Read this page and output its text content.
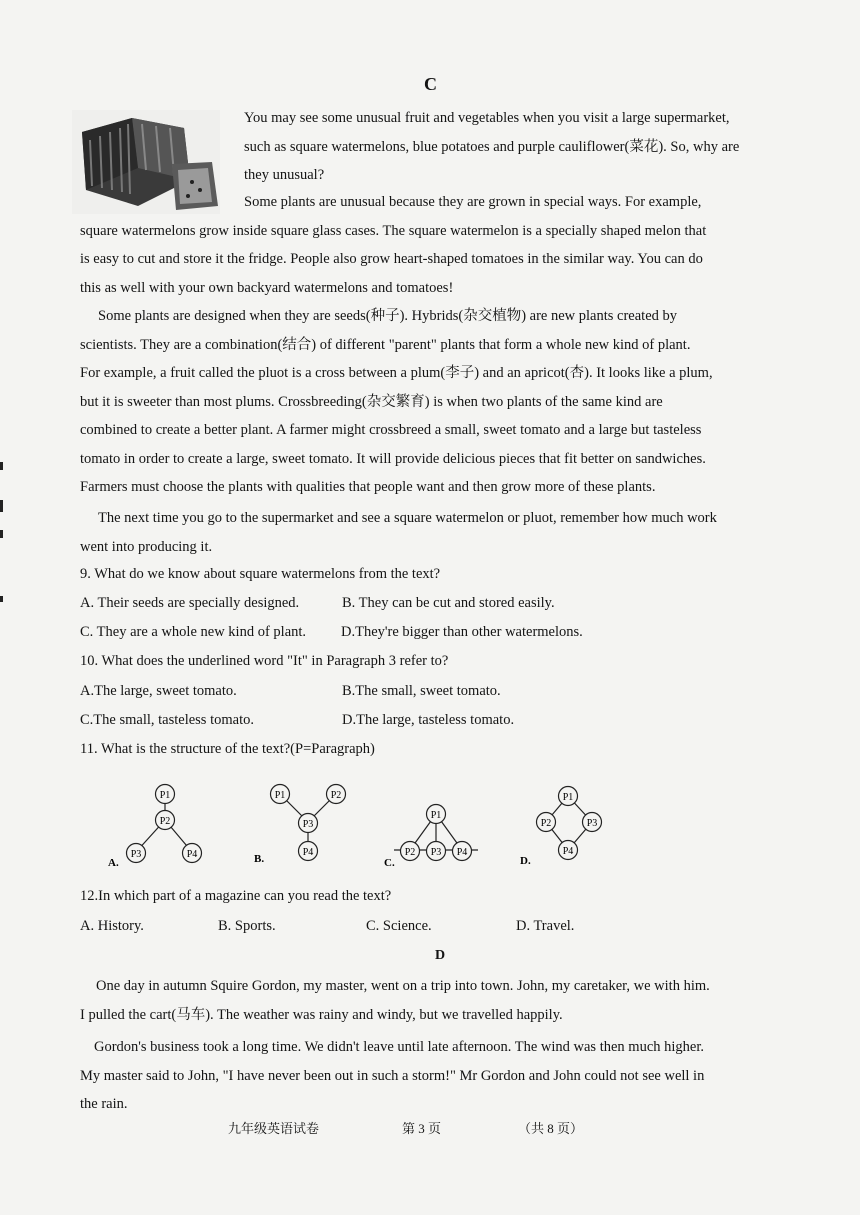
C
You may see some unusual fruit and vegetables when you visit a large supermarket,
such as square watermelons, blue potatoes and purple cauliflower(菜花). So, why are
they unusual?
Some plants are unusual because they are grown in special ways. For example,
square watermelons grow inside square glass cases. The square watermelon is a specially shaped melon that
is easy to cut and store it the fridge. People also grow heart-shaped tomatoes in the similar way. You can do
this as well with your own backyard watermelons and tomatoes!
Some plants are designed when they are seeds(种子). Hybrids(杂交植物) are new plants created by
scientists. They are a combination(结合) of different "parent" plants that form a whole new kind of plant.
For example, a fruit called the pluot is a cross between a plum(李子) and an apricot(杏). It looks like a plum,
but it is sweeter than most plums. Crossbreeding(杂交繁育) is when two plants of the same kind are
combined to create a better plant. A farmer might crossbreed a small, sweet tomato and a large but tasteless
tomato in order to create a large, sweet tomato. It will provide delicious pieces that fit better on sandwiches.
Farmers must choose the plants with qualities that people want and then grow more of these plants.
The next time you go to the supermarket and see a square watermelon or pluot, remember how much work
went into producing it.
9. What do we know about square watermelons from the text?
A. Their seeds are specially designed.	B. They can be cut and stored easily.
C. They are a whole new kind of plant. D.They're bigger than other watermelons.
10. What does the underlined word "It" in Paragraph 3 refer to?
A.The large, sweet tomato.	B.The small, sweet tomato.
C.The small, tasteless tomato.	D.The large, tasteless tomato.
11. What is the structure of the text?(P=Paragraph)
P1
P2
P3	P4
A.
P1	P2
P3
P4
B.
P1
P2 P3 P4
C.
P1
P2	P3
P4
D.
12.In which part of a magazine can you read the text?
A. History.	B. Sports.	C. Science.	D. Travel.
D
One day in autumn Squire Gordon, my master, went on a trip into town. John, my caretaker, we with him.
I pulled the cart(马车). The weather was rainy and windy, but we travelled happily.
Gordon's business took a long time. We didn't leave until late afternoon. The wind was then much higher.
My master said to John, "I have never been out in such a storm!" Mr Gordon and John could not see well in
the rain.
九年级英语试卷	第 3 页	（共 8 页）
